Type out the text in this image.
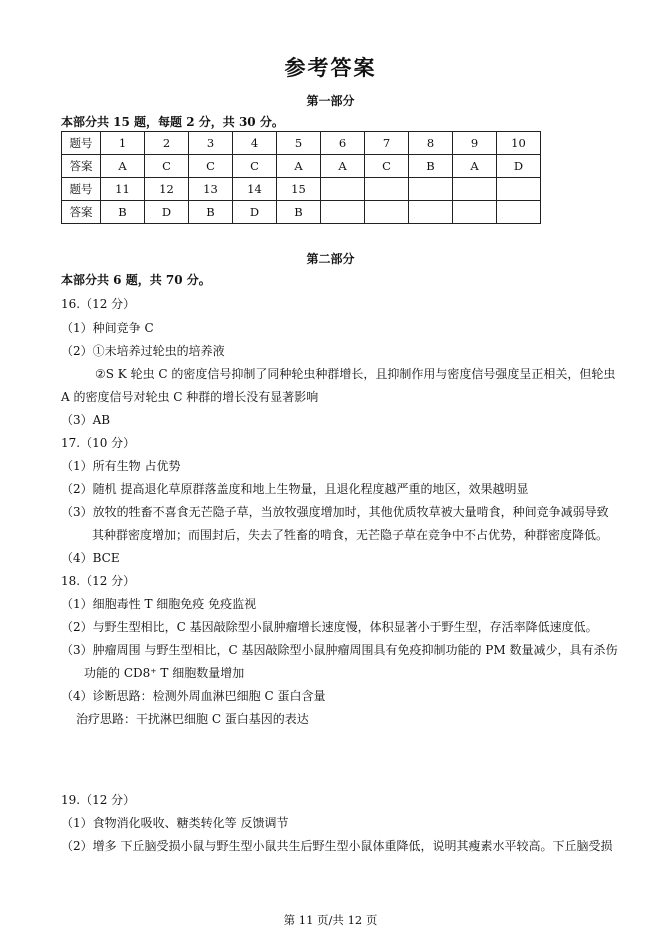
参考答案
第一部分
本部分共 15 题，每题 2 分，共 30 分。
题号	1	2	3	4	5	6	7	8	9	10
答案	A	C	C	C	A	A	C	B	A	D
题号	11	12	13	14	15					
答案	B	D	B	D	B					
第二部分
本部分共 6 题，共 70 分。
16.（12 分）
（1）种间竞争 C
（2）①未培养过轮虫的培养液
②S K 轮虫 C 的密度信号抑制了同种轮虫种群增长，且抑制作用与密度信号强度呈正相关，但轮虫
A 的密度信号对轮虫 C 种群的增长没有显著影响
（3）AB
17.（10 分）
（1）所有生物 占优势
（2）随机 提高退化草原群落盖度和地上生物量，且退化程度越严重的地区，效果越明显
（3）放牧的牲畜不喜食无芒隐子草，当放牧强度增加时，其他优质牧草被大量啃食，种间竞争减弱导致
其种群密度增加；而围封后，失去了牲畜的啃食，无芒隐子草在竞争中不占优势，种群密度降低。
（4）BCE
18.（12 分）
（1）细胞毒性 T 细胞免疫 免疫监视
（2）与野生型相比，C 基因敲除型小鼠肿瘤增长速度慢，体积显著小于野生型，存活率降低速度低。
（3）肿瘤周围 与野生型相比，C 基因敲除型小鼠肿瘤周围具有免疫抑制功能的 PM 数量减少，具有杀伤
功能的 CD8⁺ T 细胞数量增加
（4）诊断思路：检测外周血淋巴细胞 C 蛋白含量
治疗思路：干扰淋巴细胞 C 蛋白基因的表达
19.（12 分）
（1）食物消化吸收、糖类转化等 反馈调节
（2）增多 下丘脑受损小鼠与野生型小鼠共生后野生型小鼠体重降低，说明其瘦素水平较高。下丘脑受损
第 11 页/共 12 页
